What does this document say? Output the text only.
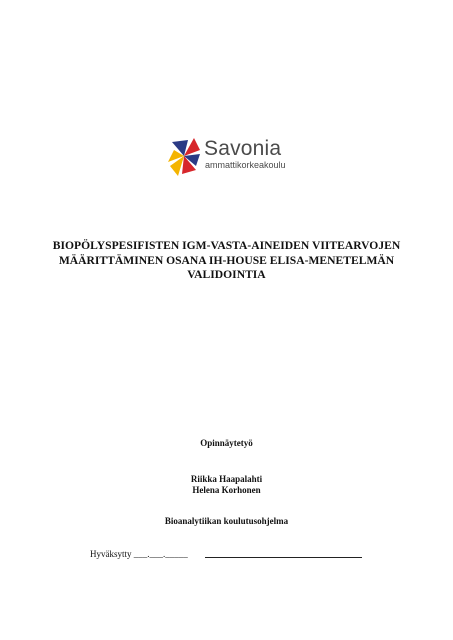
Savonia
ammattikorkeakoulu
BIOPÖLYSPESIFISTEN IGM-VASTA-AINEIDEN VIITEARVOJEN
MÄÄRITTÄMINEN OSANA IH-HOUSE ELISA-MENETELMÄN
VALIDOINTIA
Opinnäytetyö
Riikka Haapalahti
Helena Korhonen
Bioanalytiikan koulutusohjelma
Hyväksytty ___.___._____
